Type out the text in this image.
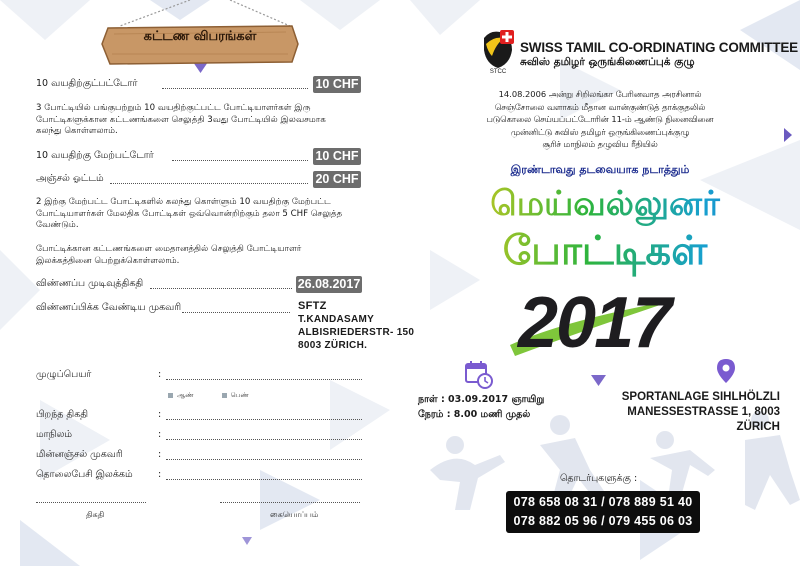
கட்டண விபரங்கள்
10 வயதிற்குட்பட்டோர்	10 CHF
3 போட்டியில் பங்குபற்றும் 10 வயதிற்குட்பட்ட போட்டியாளர்கள் இரு போட்டிகளுக்கான கட்டணங்களை செலுத்தி 3வது போட்டியில் இலவசமாக கலந்து கொள்ளலாம்.
10 வயதிற்கு மேற்பட்டோர்	10 CHF
அஞ்சல் ஓட்டம்	20 CHF
2 இற்கு மேற்பட்ட போட்டிகளில் கலந்து கொள்ளும் 10 வயதிற்கு மேற்பட்ட போட்டியாளர்கள் மேலதிக போட்டிகள் ஒவ்வொன்றிற்கும் தலா 5 CHF செலுத்த வேண்டும்.
போட்டிக்கான கட்டணங்களை மைதானத்தில் செலுத்தி போட்டியாளர் இலக்கத்தினை பெற்றுக்கொள்ளலாம்.
விண்ணப்ப முடிவுத்திகதி	26.08.2017
விண்ணப்பிக்க வேண்டிய முகவரி	SFTZ
T.KANDASAMY
ALBISRIEDERSTR- 150
8003 ZÜRICH.
முழுப்பெயர்	:
ஆண்	பெண்
பிறந்த திகதி	:
மாநிலம்	:
மின்னஞ்சல் முகவரி	:
தொலைபேசி இலக்கம்	:
திகதி	கையொப்பம்
STCC
SWISS TAMIL CO-ORDINATING COMMITTEE
சுவிஸ் தமிழர் ஒருங்கிணைப்புக் குழு
14.08.2006 அன்று சிறிலங்கா பேரினவாத அரசினால்
செஞ்சோலை வளாகம் மீதான வான்குண்டுத் தாக்குதலில்
படுகொலை செய்யப்பட்டோரின் 11-ம் ஆண்டு நினைவினை
முன்னிட்டு சுவிஸ் தமிழர் ஒருங்கிணைப்புக்குழு
சூரிச் மாநிலம் தழுவிய ரீதியில்
இரண்டாவது தடவையாக நடாத்தும்
மெய்வல்லுனர்
போட்டிகள்
2017
நாள் : 03.09.2017 ஞாயிறு
நேரம் : 8.00 மணி முதல்
SPORTANLAGE SIHLHÖLZLI
MANESSESTRASSE 1, 8003 ZÜRICH
தொடர்புகளுக்கு :
078 658 08 31 / 078 889 51 40
078 882 05 96 / 079 455 06 03
